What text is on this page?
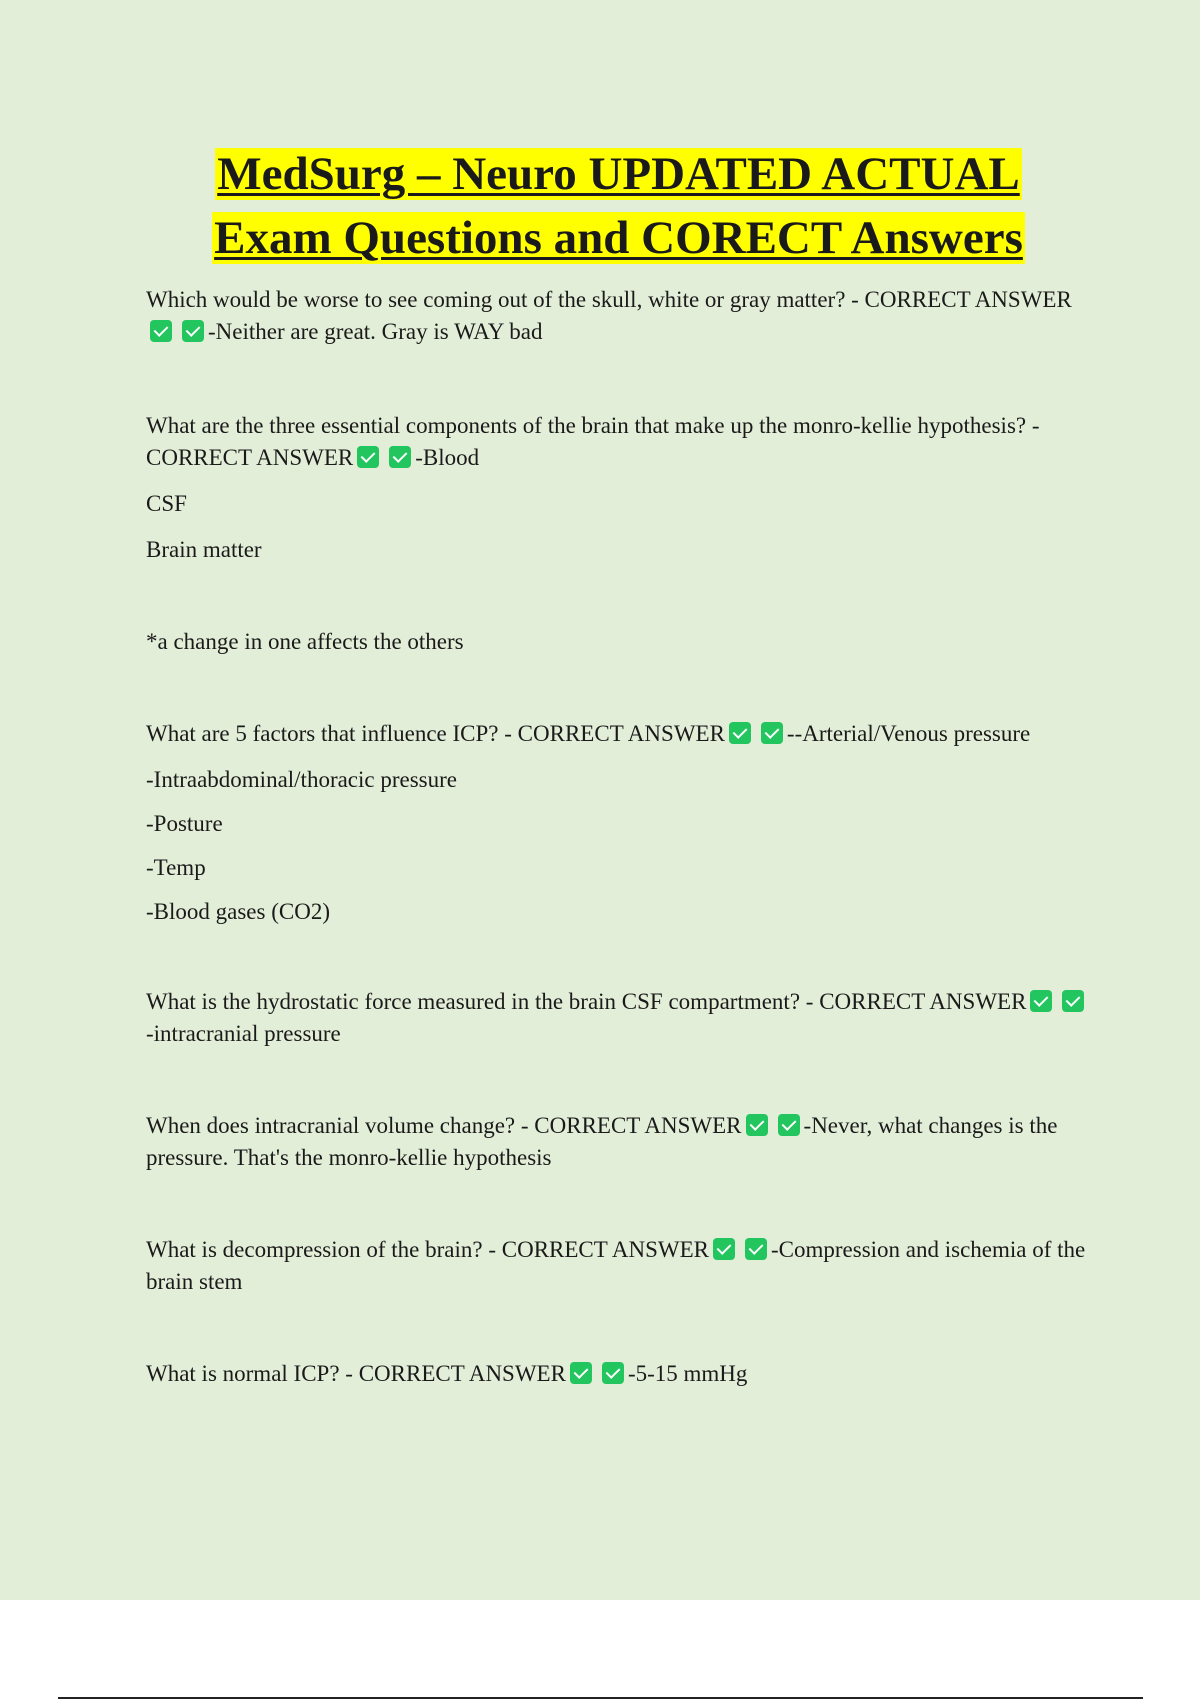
MedSurg – Neuro UPDATED ACTUAL
Exam Questions and CORECT Answers

Which would be worse to see coming out of the skull, white or gray matter? - CORRECT ANSWER-Neither are great. Gray is WAY bad

What are the three essential components of the brain that make up the monro-kellie hypothesis? - CORRECT ANSWER	-Blood

CSF

Brain matter

*a change in one affects the others

What are 5 factors that influence ICP? - CORRECT ANSWER	--Arterial/Venous pressure

-Intraabdominal/thoracic pressure

-Posture

-Temp

-Blood gases (CO2)

What is the hydrostatic force measured in the brain CSF compartment? - CORRECT ANSWER-intracranial pressure

When does intracranial volume change? - CORRECT ANSWER	-Never, what changes is the pressure. That's the monro-kellie hypothesis

What is decompression of the brain? - CORRECT ANSWER	-Compression and ischemia of the brain stem

What is normal ICP? - CORRECT ANSWER	-5-15 mmHg
